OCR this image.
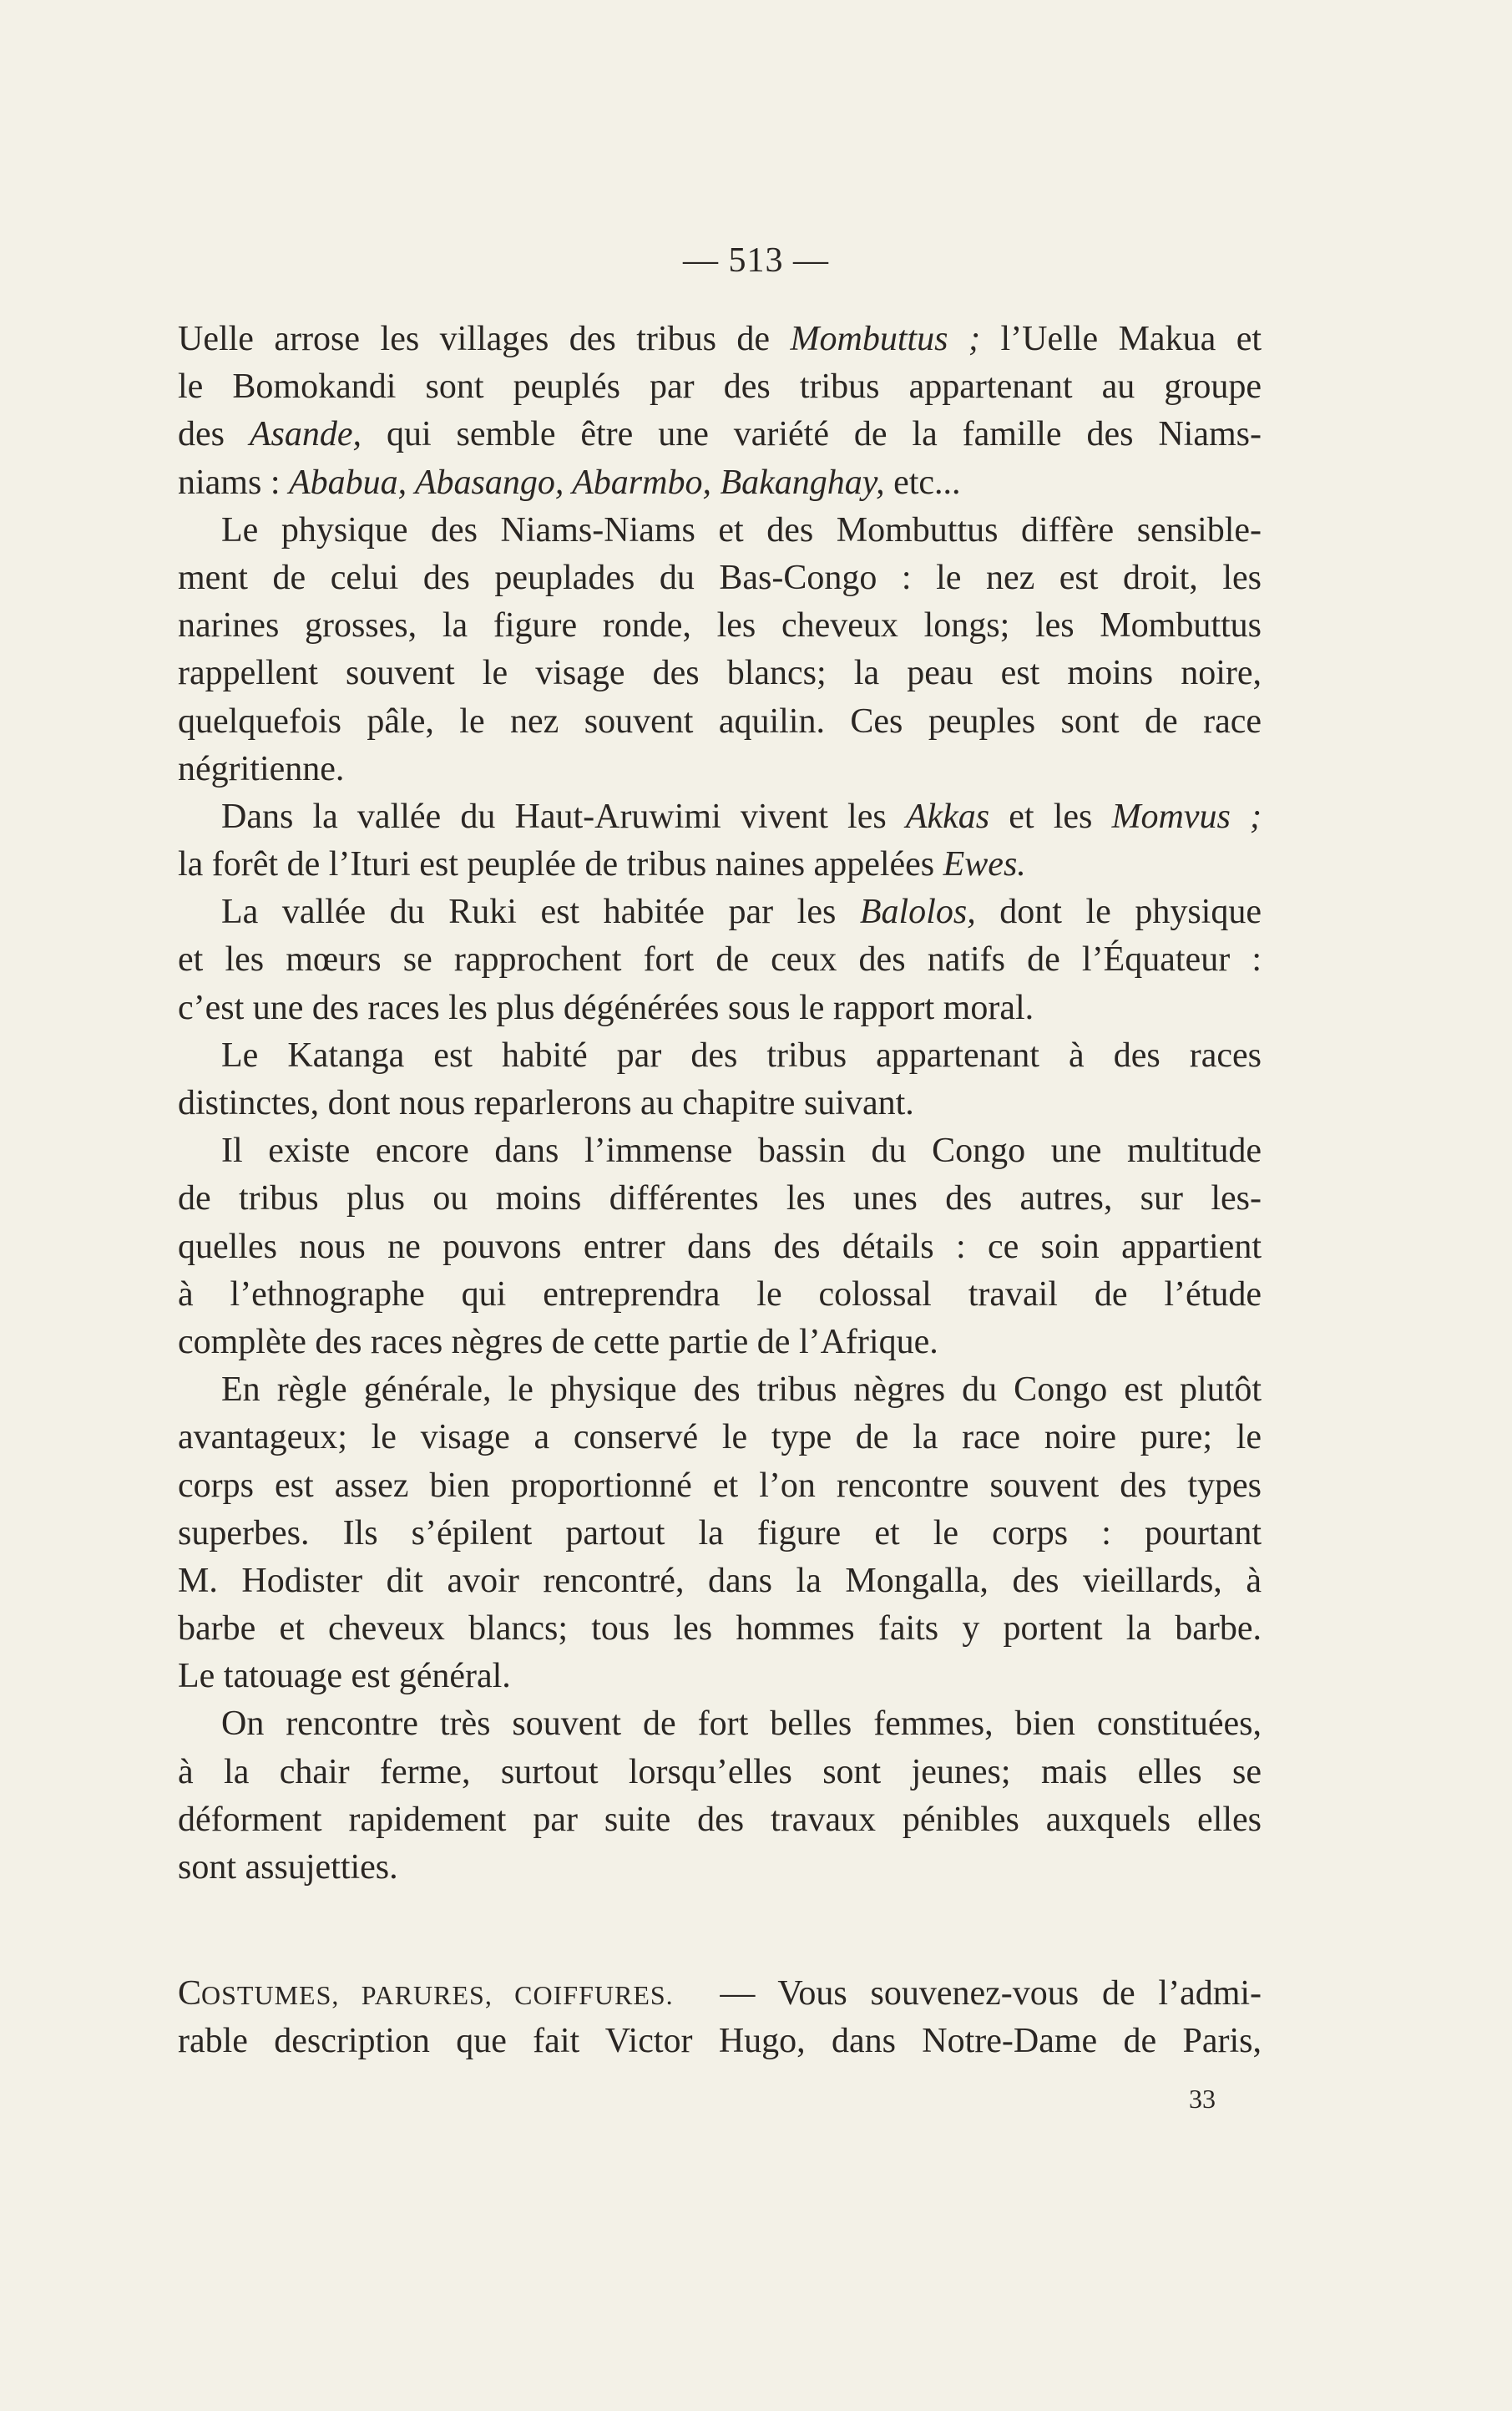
— 513 —
Uelle arrose les villages des tribus de Mombuttus ; l’Uelle Makua et
le Bomokandi sont peuplés par des tribus appartenant au groupe
des Asande, qui semble être une variété de la famille des Niams-
niams : Ababua, Abasango, Abarmbo, Bakanghay, etc...
Le physique des Niams-Niams et des Mombuttus diffère sensible-
ment de celui des peuplades du Bas-Congo : le nez est droit, les
narines grosses, la figure ronde, les cheveux longs; les Mombuttus
rappellent souvent le visage des blancs; la peau est moins noire,
quelquefois pâle, le nez souvent aquilin. Ces peuples sont de race
négritienne.
Dans la vallée du Haut-Aruwimi vivent les Akkas et les Momvus ;
la forêt de l’Ituri est peuplée de tribus naines appelées Ewes.
La vallée du Ruki est habitée par les Balolos, dont le physique
et les mœurs se rapprochent fort de ceux des natifs de l’Équateur :
c’est une des races les plus dégénérées sous le rapport moral.
Le Katanga est habité par des tribus appartenant à des races
distinctes, dont nous reparlerons au chapitre suivant.
Il existe encore dans l’immense bassin du Congo une multitude
de tribus plus ou moins différentes les unes des autres, sur les-
quelles nous ne pouvons entrer dans des détails : ce soin appartient
à l’ethnographe qui entreprendra le colossal travail de l’étude
complète des races nègres de cette partie de l’Afrique.
En règle générale, le physique des tribus nègres du Congo est plutôt
avantageux; le visage a conservé le type de la race noire pure; le
corps est assez bien proportionné et l’on rencontre souvent des types
superbes. Ils s’épilent partout la figure et le corps : pourtant
M. Hodister dit avoir rencontré, dans la Mongalla, des vieillards, à
barbe et cheveux blancs; tous les hommes faits y portent la barbe.
Le tatouage est général.
On rencontre très souvent de fort belles femmes, bien constituées,
à la chair ferme, surtout lorsqu’elles sont jeunes; mais elles se
déforment rapidement par suite des travaux pénibles auxquels elles
sont assujetties.
COSTUMES, PARURES, COIFFURES.  — Vous souvenez-vous de l’admi-
rable description que fait Victor Hugo, dans Notre-Dame de Paris,
33
